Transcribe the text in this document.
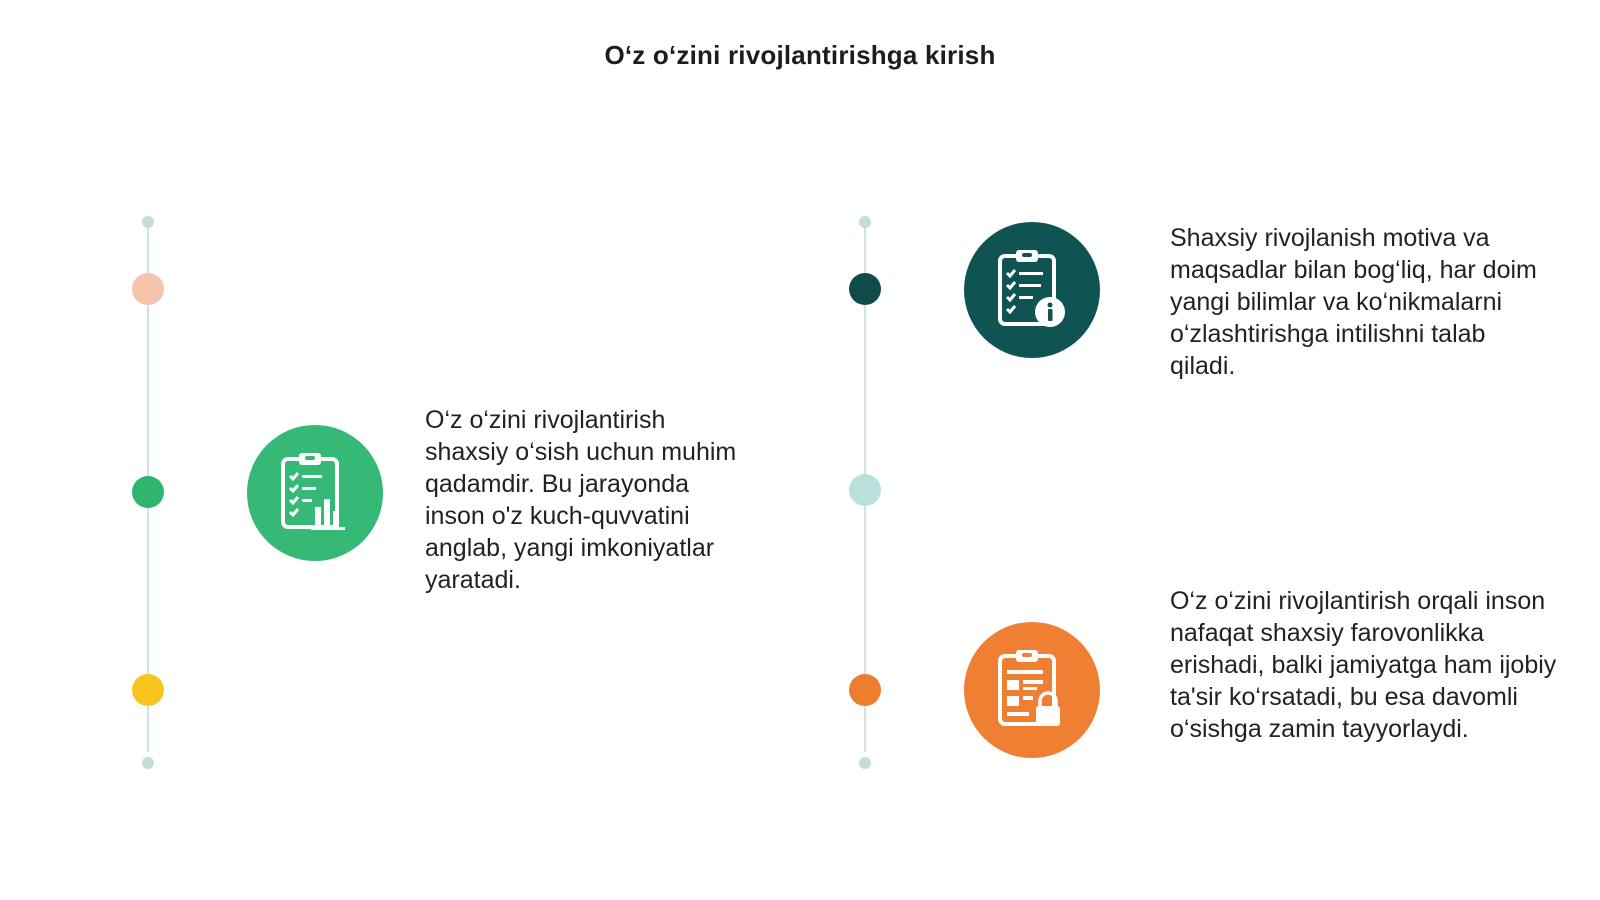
O‘z o‘zini rivojlantirishga kirish

O‘z o‘zini rivojlantirish shaxsiy o‘sish uchun muhim qadamdir. Bu jarayonda inson o'z kuch-quvvatini anglab, yangi imkoniyatlar yaratadi.

Shaxsiy rivojlanish motiva va maqsadlar bilan bog‘liq, har doim yangi bilimlar va ko‘nikmalarni o‘zlashtirishga intilishni talab qiladi.

O‘z o‘zini rivojlantirish orqali inson nafaqat shaxsiy farovonlikka erishadi, balki jamiyatga ham ijobiy ta'sir ko‘rsatadi, bu esa davomli o‘sishga zamin tayyorlaydi.
